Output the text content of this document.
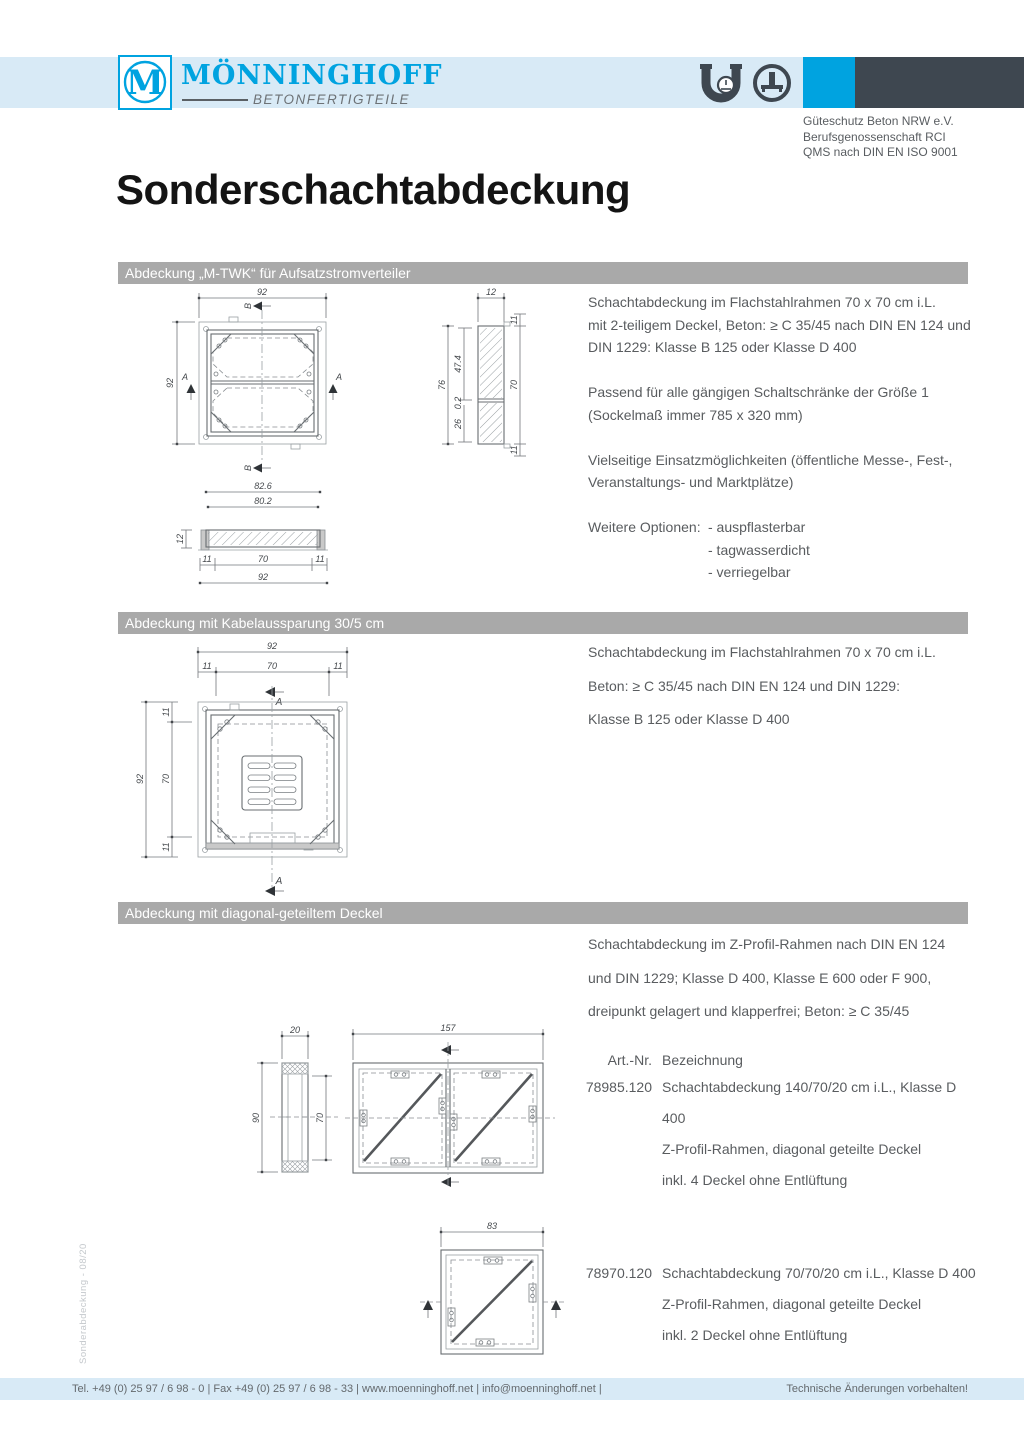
M MÖNNINGHOFF
BETONFERTIGTEILE
Güteschutz Beton NRW e.V.
Berufsgenossenschaft RCI
QMS nach DIN EN ISO 9001
Sonderschachtabdeckung
Abdeckung „M-TWK“ für Aufsatzstromverteiler

Schachtabdeckung im Flachstahlrahmen 70 x 70 cm i.L.
mit 2-teiligem Deckel, Beton: ≥ C 35/45 nach DIN EN 124 und
DIN 1229: Klasse B 125 oder Klasse D 400

Passend für alle gängigen Schaltschränke der Größe 1
(Sockelmaß immer 785 x 320 mm)

Vielseitige Einsatzmöglichkeiten (öffentliche Messe-, Fest-,
Veranstaltungs- und Marktplätze)

Weitere Optionen: - auspflasterbar
- tagwasserdicht
- verriegelbar
92
92
B
B
A	A
12
47.4
0.2
26
76
11
70
11
82.6
80.2
12
11	70	11
92
Abdeckung mit Kabelaussparung 30/5 cm
Schachtabdeckung im Flachstahlrahmen 70 x 70 cm i.L.
Beton: ≥ C 35/45 nach DIN EN 124 und DIN 1229:
Klasse B 125 oder Klasse D 400
92
11	70	11
92
11
70
11
A
A
Abdeckung mit diagonal-geteiltem Deckel
Schachtabdeckung im Z-Profil-Rahmen nach DIN EN 124
und DIN 1229; Klasse D 400, Klasse E 600 oder F 900,
dreipunkt gelagert und klapperfrei; Beton: ≥ C 35/45
Art.-Nr. Bezeichnung
78985.120 Schachtabdeckung 140/70/20 cm i.L., Klasse D 400
Z-Profil-Rahmen, diagonal geteilte Deckel
inkl. 4 Deckel ohne Entlüftung
78970.120 Schachtabdeckung 70/70/20 cm i.L., Klasse D 400
Z-Profil-Rahmen, diagonal geteilte Deckel
inkl. 2 Deckel ohne Entlüftung
20
90	70
157
83
Sonderabdeckung - 08/20
Tel. +49 (0) 25 97 / 6 98 - 0 | Fax +49 (0) 25 97 / 6 98 - 33 | www.moenninghoff.net | info@moenninghoff.net |	Technische Änderungen vorbehalten!
